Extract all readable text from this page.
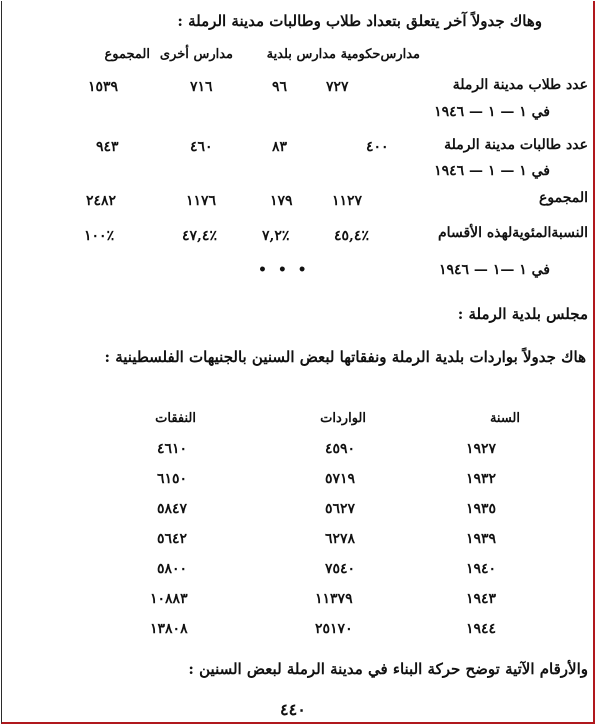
وهاك جدولاً آخر يتعلق بتعداد طلاب وطالبات مدينة الرملة :
مدارس‌حكومية
مدارس بلدية
مدارس أخرى
المجموع
عدد طلاب مدينة الرملة
في ١ — ١ — ١٩٤٦
٧٢٧
٩٦
٧١٦
١٥٣٩
عدد طالبات مدينة الرملة
في ١ — ١ — ١٩٤٦
٤٠٠
٨٣
٤٦٠
٩٤٣
المجموع
١١٢٧
١٧٩
١١٧٦
٢٤٨٢
النسبة‌المئوية‌لهذه الأقسام
في ١ —١ — ١٩٤٦
٤٥,٤٪
٧,٢٪
٤٧,٤٪
١٠٠٪
• • •
مجلس بلدية الرملة :
هاك جدولاً بواردات بلدية الرملة ونفقاتها لبعض السنين بالجنيهات الفلسطينية :
السنة
الواردات
النفقات
١٩٢٧
٤٥٩٠
٤٦١٠
١٩٣٢
٥٧١٩
٦١٥٠
١٩٣٥
٥٦٢٧
٥٨٤٧
١٩٣٩
٦٢٧٨
٥٦٤٢
١٩٤٠
٧٥٤٠
٥٨٠٠
١٩٤٣
١١٣٧٩
١٠٨٨٣
١٩٤٤
٢٥١٧٠
١٣٨٠٨
والأرقام الآتية توضح حركة البناء في مدينة الرملة لبعض السنين :
٤٤٠
